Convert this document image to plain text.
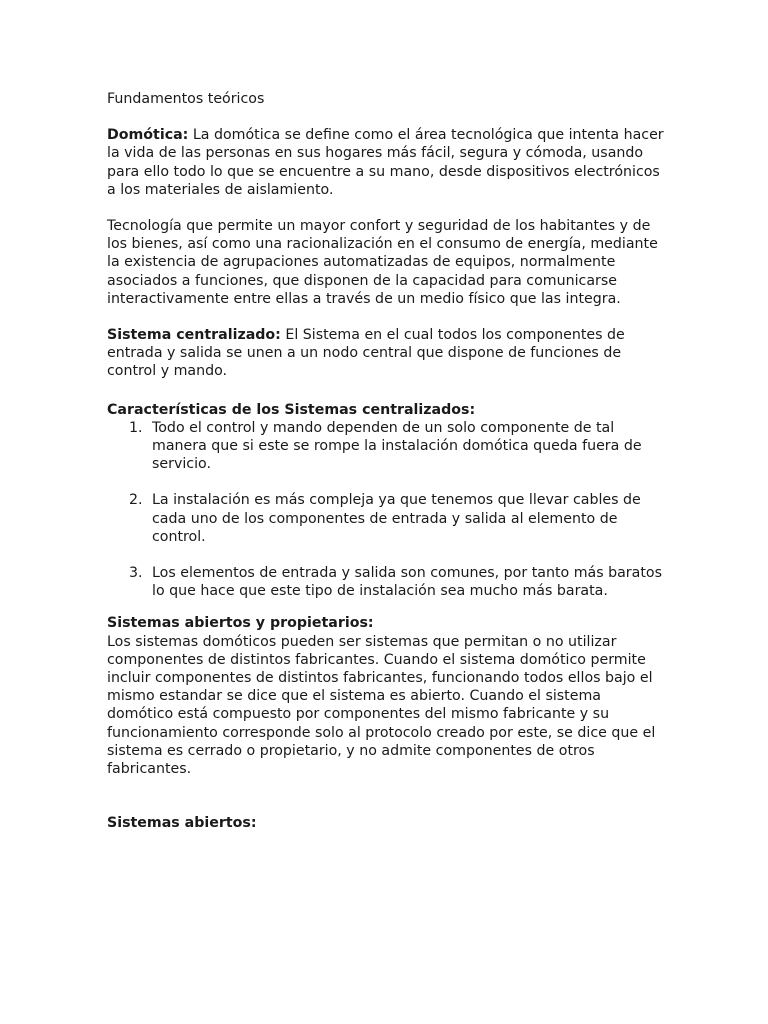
Fundamentos teóricos

Domótica: La domótica se define como el área tecnológica que intenta hacer la vida de las personas en sus hogares más fácil, segura y cómoda, usando para ello todo lo que se encuentre a su mano, desde dispositivos electrónicos a los materiales de aislamiento.

Tecnología que permite un mayor confort y seguridad de los habitantes y de los bienes, así como una racionalización en el consumo de energía, mediante la existencia de agrupaciones automatizadas de equipos, normalmente asociados a funciones, que disponen de la capacidad para comunicarse interactivamente entre ellas a través de un medio físico que las integra.

Sistema centralizado: El Sistema en el cual todos los componentes de entrada y salida se unen a un nodo central que dispone de funciones de control y mando.

Características de los Sistemas centralizados:

1. Todo el control y mando dependen de un solo componente de tal manera que si este se rompe la instalación domótica queda fuera de servicio.
2. La instalación es más compleja ya que tenemos que llevar cables de cada uno de los componentes de entrada y salida al elemento de control.
3. Los elementos de entrada y salida son comunes, por tanto más baratos lo que hace que este tipo de instalación sea mucho más barata.

Sistemas abiertos y propietarios:

Los sistemas domóticos pueden ser sistemas que permitan o no utilizar componentes de distintos fabricantes. Cuando el sistema domótico permite incluir componentes de distintos fabricantes, funcionando todos ellos bajo el mismo estandar se dice que el sistema es abierto. Cuando el sistema domótico está compuesto por componentes del mismo fabricante y su funcionamiento corresponde solo al protocolo creado por este, se dice que el sistema es cerrado o propietario, y no admite componentes de otros fabricantes.

Sistemas abiertos:
